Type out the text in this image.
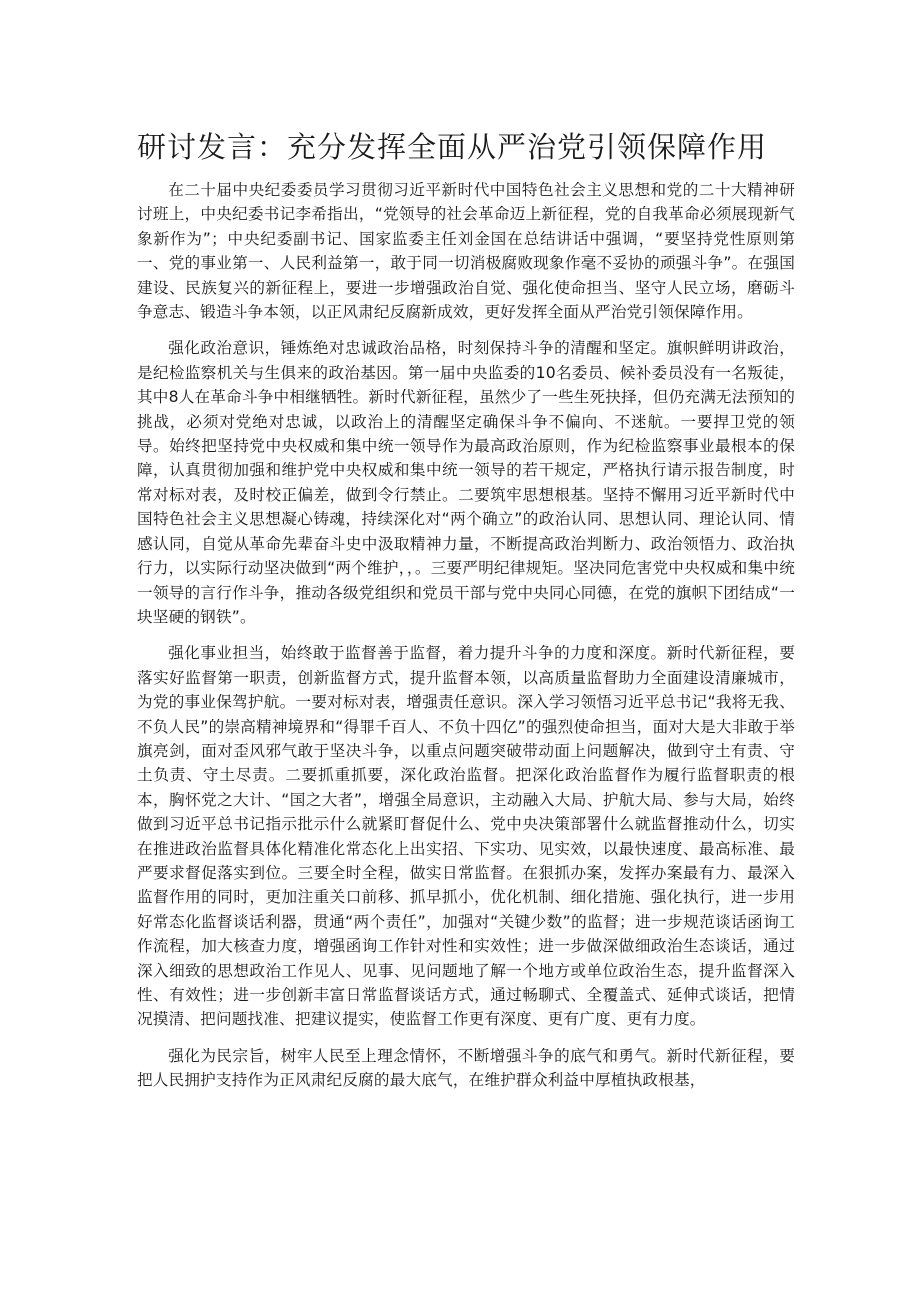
研讨发言：充分发挥全面从严治党引领保障作用

在二十届中央纪委委员学习贯彻习近平新时代中国特色社会主义思想和党的二十大精神研讨班上，中央纪委书记李希指出，“党领导的社会革命迈上新征程，党的自我革命必须展现新气象新作为”；中央纪委副书记、国家监委主任刘金国在总结讲话中强调，“要坚持党性原则第一、党的事业第一、人民利益第一，敢于同一切消极腐败现象作毫不妥协的顽强斗争”。在强国建设、民族复兴的新征程上，要进一步增强政治自觉、强化使命担当、坚守人民立场，磨砺斗争意志、锻造斗争本领，以正风肃纪反腐新成效，更好发挥全面从严治党引领保障作用。

强化政治意识，锤炼绝对忠诚政治品格，时刻保持斗争的清醒和坚定。旗帜鲜明讲政治，是纪检监察机关与生俱来的政治基因。第一届中央监委的10名委员、候补委员没有一名叛徒，其中8人在革命斗争中相继牺牲。新时代新征程，虽然少了一些生死抉择，但仍充满无法预知的挑战，必须对党绝对忠诚，以政治上的清醒坚定确保斗争不偏向、不迷航。一要捍卫党的领导。始终把坚持党中央权威和集中统一领导作为最高政治原则，作为纪检监察事业最根本的保障，认真贯彻加强和维护党中央权威和集中统一领导的若干规定，严格执行请示报告制度，时常对标对表，及时校正偏差，做到令行禁止。二要筑牢思想根基。坚持不懈用习近平新时代中国特色社会主义思想凝心铸魂，持续深化对“两个确立”的政治认同、思想认同、理论认同、情感认同，自觉从革命先辈奋斗史中汲取精神力量，不断提高政治判断力、政治领悟力、政治执行力，以实际行动坚决做到“两个维护，，。三要严明纪律规矩。坚决同危害党中央权威和集中统一领导的言行作斗争，推动各级党组织和党员干部与党中央同心同德，在党的旗帜下团结成“一块坚硬的钢铁”。

强化事业担当，始终敢于监督善于监督，着力提升斗争的力度和深度。新时代新征程，要落实好监督第一职责，创新监督方式，提升监督本领，以高质量监督助力全面建设清廉城市，为党的事业保驾护航。一要对标对表，增强责任意识。深入学习领悟习近平总书记“我将无我、不负人民”的崇高精神境界和“得罪千百人、不负十四亿”的强烈使命担当，面对大是大非敢于举旗亮剑，面对歪风邪气敢于坚决斗争，以重点问题突破带动面上问题解决，做到守土有责、守土负责、守土尽责。二要抓重抓要，深化政治监督。把深化政治监督作为履行监督职责的根本，胸怀党之大计、“国之大者”，增强全局意识，主动融入大局、护航大局、参与大局，始终做到习近平总书记指示批示什么就紧盯督促什么、党中央决策部署什么就监督推动什么，切实在推进政治监督具体化精准化常态化上出实招、下实功、见实效，以最快速度、最高标准、最严要求督促落实到位。三要全时全程，做实日常监督。在狠抓办案，发挥办案最有力、最深入监督作用的同时，更加注重关口前移、抓早抓小，优化机制、细化措施、强化执行，进一步用好常态化监督谈话利器，贯通“两个责任”，加强对“关键少数”的监督；进一步规范谈话函询工作流程，加大核查力度，增强函询工作针对性和实效性；进一步做深做细政治生态谈话，通过深入细致的思想政治工作见人、见事、见问题地了解一个地方或单位政治生态，提升监督深入性、有效性；进一步创新丰富日常监督谈话方式，通过畅聊式、全覆盖式、延伸式谈话，把情况摸清、把问题找准、把建议提实，使监督工作更有深度、更有广度、更有力度。

强化为民宗旨，树牢人民至上理念情怀，不断增强斗争的底气和勇气。新时代新征程，要把人民拥护支持作为正风肃纪反腐的最大底气，在维护群众利益中厚植执政根基，
